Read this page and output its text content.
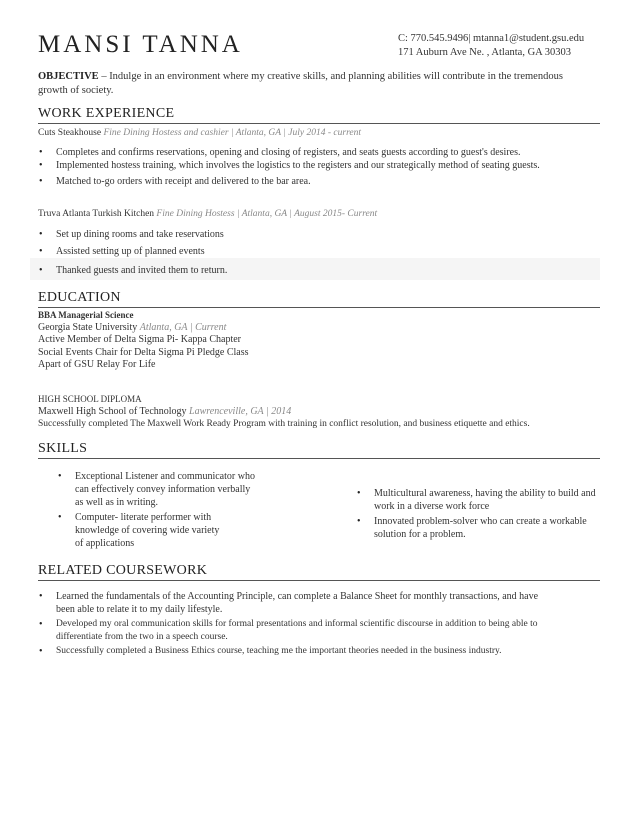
MANSI TANNA	C: 770.545.9496| mtanna1@student.gsu.edu
171 Auburn Ave Ne. , Atlanta, GA 30303
OBJECTIVE – Indulge in an environment where my creative skills, and planning abilities will contribute in the tremendous growth of society.
WORK EXPERIENCE
Cuts Steakhouse Fine Dining Hostess and cashier | Atlanta, GA | July 2014 - current
• Completes and confirms reservations, opening and closing of registers, and seats guests according to guest's desires.
• Implemented hostess training, which involves the logistics to the registers and our strategically method of seating guests.
• Matched to-go orders with receipt and delivered to the bar area.
Truva Atlanta Turkish Kitchen Fine Dining Hostess | Atlanta, GA | August 2015- Current
• Set up dining rooms and take reservations
• Assisted setting up of planned events
• Thanked guests and invited them to return.
EDUCATION
BBA Managerial Science
Georgia State University Atlanta, GA | Current
Active Member of Delta Sigma Pi- Kappa Chapter
Social Events Chair for Delta Sigma Pi Pledge Class
Apart of GSU Relay For Life
HIGH SCHOOL DIPLOMA
Maxwell High School of Technology Lawrenceville, GA | 2014
Successfully completed The Maxwell Work Ready Program with training in conflict resolution, and business etiquette and ethics.
SKILLS
• Exceptional Listener and communicator who can effectively convey information verbally as well as in writing.
• Computer- literate performer with knowledge of covering wide variety of applications
• Multicultural awareness, having the ability to build and work in a diverse work force
• Innovated problem-solver who can create a workable solution for a problem.
RELATED COURSEWORK
• Learned the fundamentals of the Accounting Principle, can complete a Balance Sheet for monthly transactions, and have been able to relate it to my daily lifestyle.
• Developed my oral communication skills for formal presentations and informal scientific discourse in addition to being able to differentiate from the two in a speech course.
• Successfully completed a Business Ethics course, teaching me the important theories needed in the business industry.
